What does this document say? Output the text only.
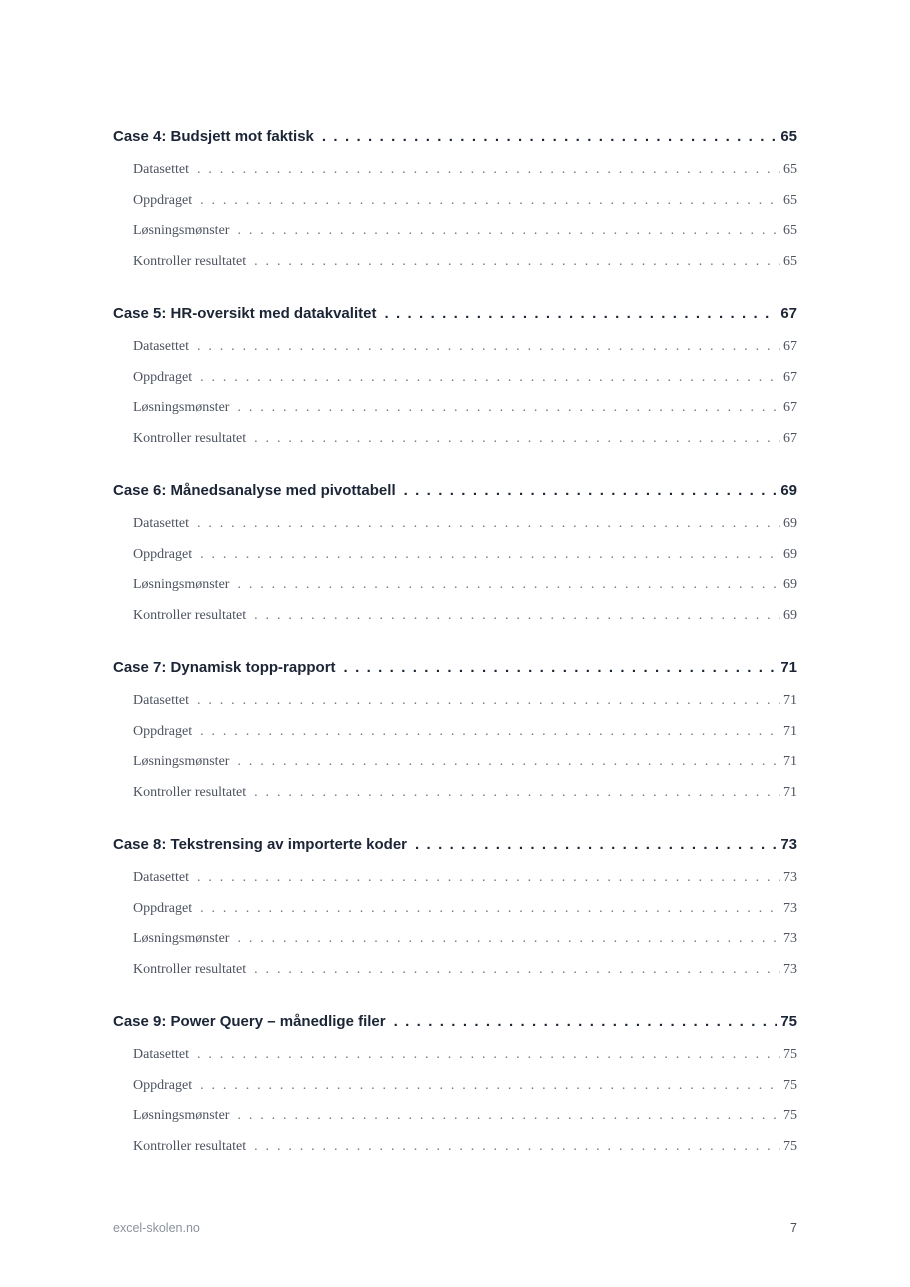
Case 4: Budsjett mot faktisk . . .	65
Datasettet . . .	65
Oppdraget . . .	65
Løsningsmønster . . .	65
Kontroller resultatet . . .	65
Case 5: HR-oversikt med datakvalitet . . .	67
Datasettet . . .	67
Oppdraget . . .	67
Løsningsmønster . . .	67
Kontroller resultatet . . .	67
Case 6: Månedsanalyse med pivottabell . . .	69
Datasettet . . .	69
Oppdraget . . .	69
Løsningsmønster . . .	69
Kontroller resultatet . . .	69
Case 7: Dynamisk topp-rapport . . .	71
Datasettet . . .	71
Oppdraget . . .	71
Løsningsmønster . . .	71
Kontroller resultatet . . .	71
Case 8: Tekstrensing av importerte koder . . .	73
Datasettet . . .	73
Oppdraget . . .	73
Løsningsmønster . . .	73
Kontroller resultatet . . .	73
Case 9: Power Query – månedlige filer . . .	75
Datasettet . . .	75
Oppdraget . . .	75
Løsningsmønster . . .	75
Kontroller resultatet . . .	75
excel-skolen.no	7
